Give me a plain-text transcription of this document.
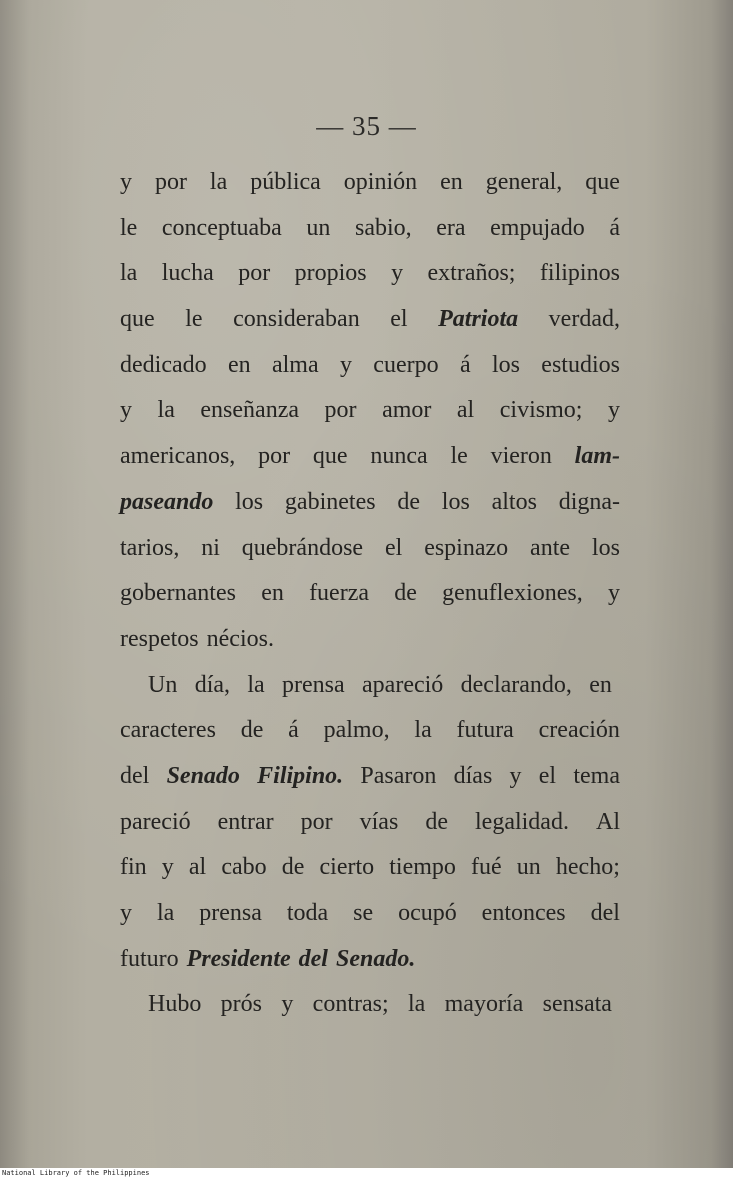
— 35 —
y por la pública opinión en general, que
le conceptuaba un sabio, era empujado á
la lucha por propios y extraños; filipinos
que le consideraban el Patriota verdad,
dedicado en alma y cuerpo á los estudios
y la enseñanza por amor al civismo; y
americanos, por que nunca le vieron lam-
paseando los gabinetes de los altos digna-
tarios, ni quebrándose el espinazo ante los
gobernantes en fuerza de genuflexiones, y
respetos nécios.
Un día, la prensa apareció declarando, en
caracteres de á palmo, la futura creación
del Senado Filipino. Pasaron días y el tema
pareció entrar por vías de legalidad. Al
fin y al cabo de cierto tiempo fué un hecho;
y la prensa toda se ocupó entonces del
futuro Presidente del Senado.
Hubo prós y contras; la mayoría sensata
National Library of the Philippines
